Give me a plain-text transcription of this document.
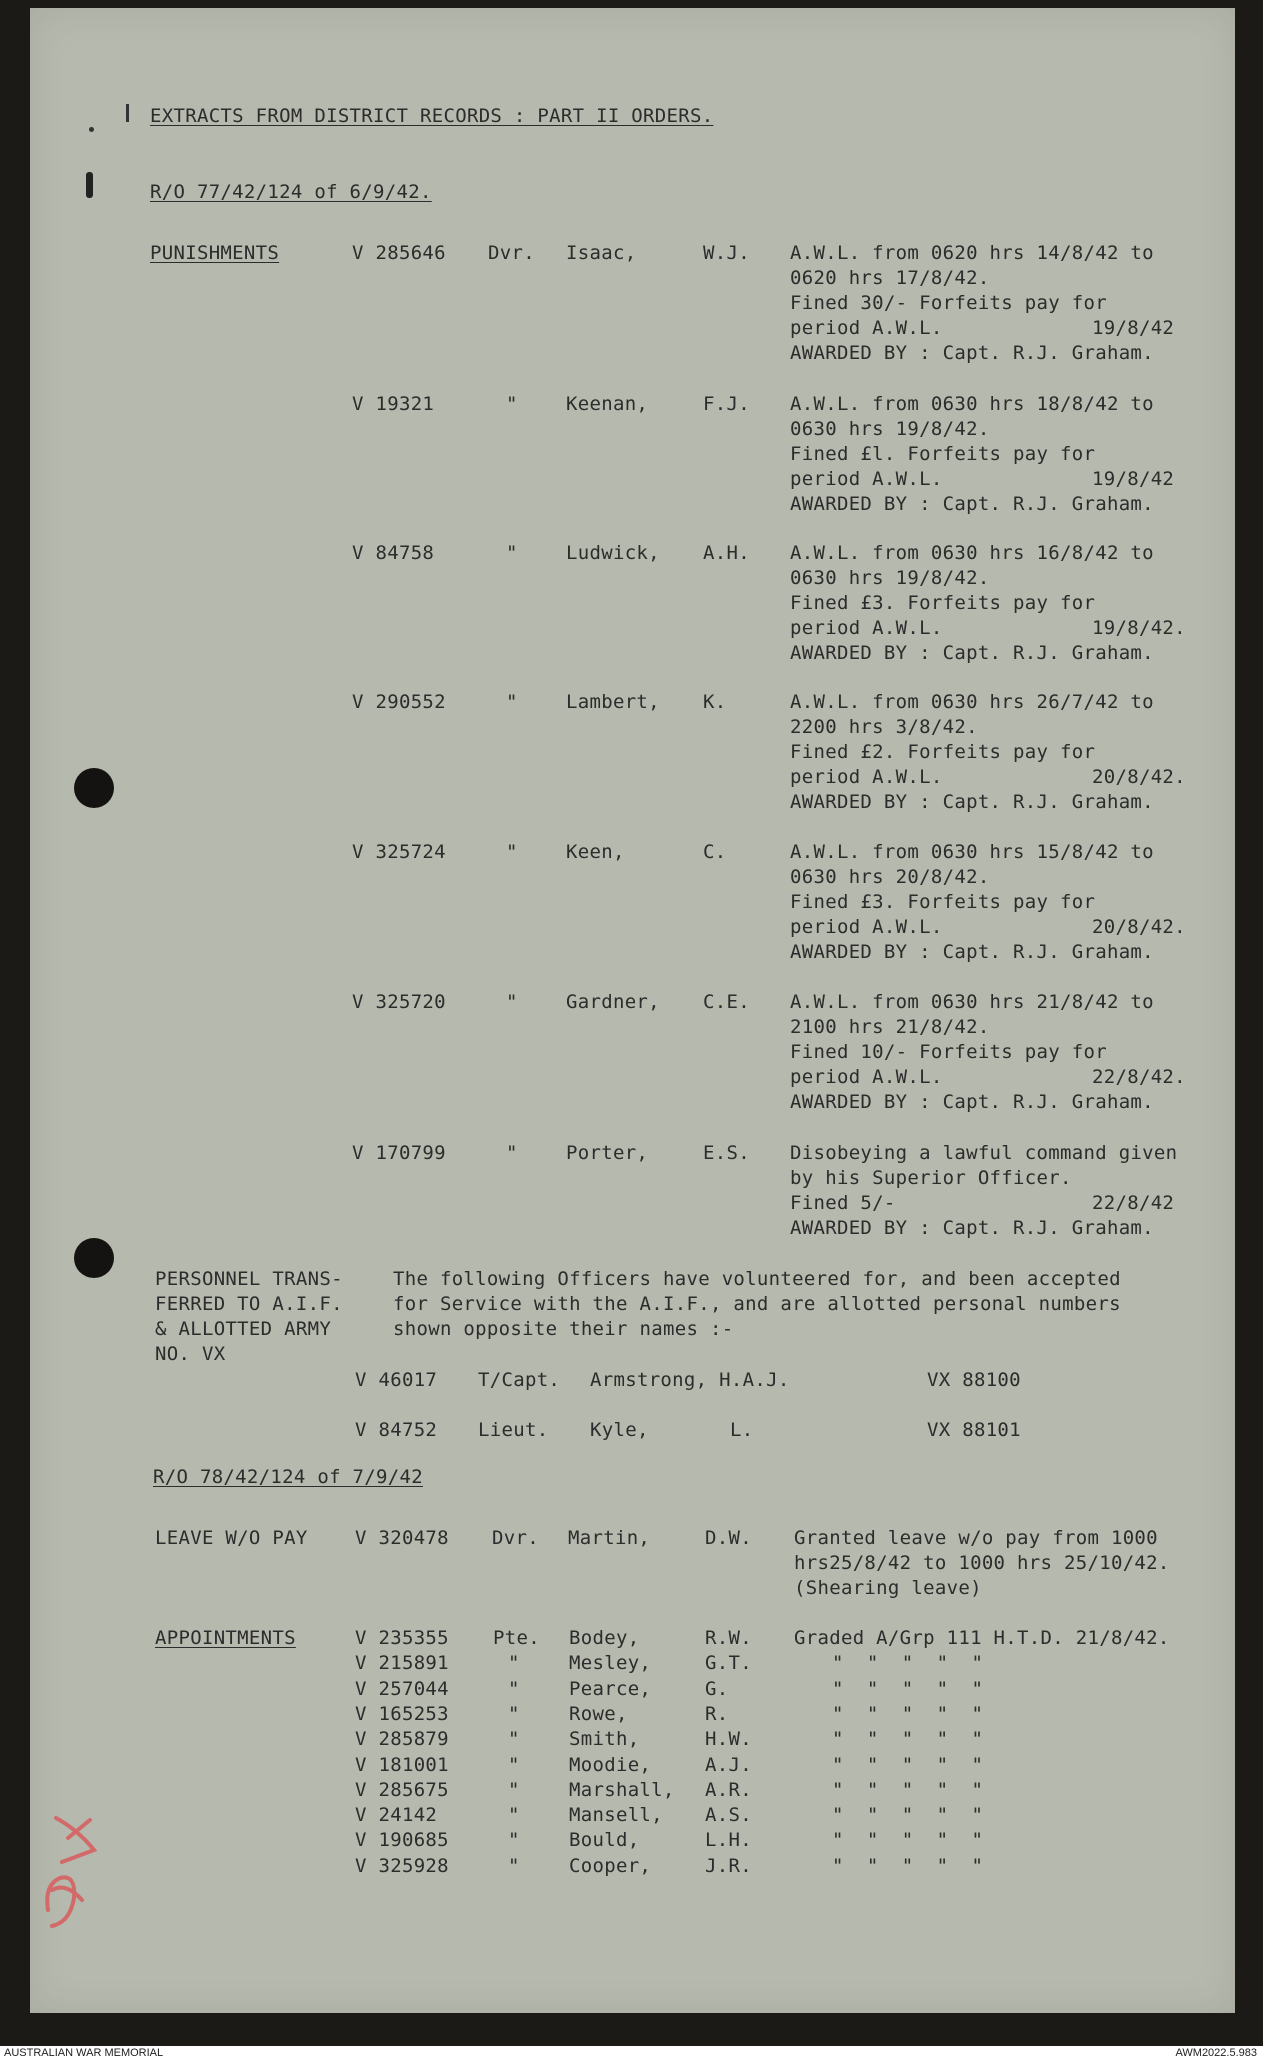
EXTRACTS FROM DISTRICT RECORDS : PART II ORDERS.
R/O 77/42/124 of 6/9/42.
PUNISHMENTS	V 285646 Dvr. Isaac,	W.J. A.W.L. from 0620 hrs 14/8/42 to
0620 hrs 17/8/42.
Fined 30/- Forfeits pay for
period A.W.L.	19/8/42
AWARDED BY : Capt. R.J. Graham.
V 19321	"	Keenan,	F.J. A.W.L. from 0630 hrs 18/8/42 to
0630 hrs 19/8/42.
Fined £l. Forfeits pay for
period A.W.L.	19/8/42
AWARDED BY : Capt. R.J. Graham.
V 84758	"	Ludwick, A.H. A.W.L. from 0630 hrs 16/8/42 to
0630 hrs 19/8/42.
Fined £3. Forfeits pay for
period A.W.L.	19/8/42.
AWARDED BY : Capt. R.J. Graham.
V 290552	"	Lambert, K.	A.W.L. from 0630 hrs 26/7/42 to
2200 hrs 3/8/42.
Fined £2. Forfeits pay for
period A.W.L.	20/8/42.
AWARDED BY : Capt. R.J. Graham.
V 325724	"	Keen,	C.	A.W.L. from 0630 hrs 15/8/42 to
0630 hrs 20/8/42.
Fined £3. Forfeits pay for
period A.W.L.	20/8/42.
AWARDED BY : Capt. R.J. Graham.
V 325720	"	Gardner, C.E. A.W.L. from 0630 hrs 21/8/42 to
2100 hrs 21/8/42.
Fined 10/- Forfeits pay for
period A.W.L.	22/8/42.
AWARDED BY : Capt. R.J. Graham.
V 170799	"	Porter,	E.S. Disobeying a lawful command given
by his Superior Officer.
Fined 5/-	22/8/42
AWARDED BY : Capt. R.J. Graham.
PERSONNEL TRANS-
FERRED TO A.I.F.
& ALLOTTED ARMY
NO. VX
The following Officers have volunteered for, and been accepted
for Service with the A.I.F., and are allotted personal numbers
shown opposite their names :-
V 46017 T/Capt. Armstrong, H.A.J.	VX 88100
V 84752 Lieut. Kyle,	L.	VX 88101
R/O 78/42/124 of 7/9/42
LEAVE W/O PAY V 320478 Dvr. Martin,	D.W. Granted leave w/o pay from 1000
hrs25/8/42 to 1000 hrs 25/10/42.
(Shearing leave)
APPOINTMENTS	V 235355 Pte. Bodey,	R.W. Graded A/Grp 111 H.T.D. 21/8/42.
V 215891	"	Mesley,	G.T.	" " " " "
V 257044	"	Pearce,	G.	" " " " "
V 165253	"	Rowe,	R.	" " " " "
V 285879	"	Smith,	H.W.	" " " " "
V 181001	"	Moodie,	A.J.	" " " " "
V 285675	"	Marshall, A.R.	" " " " "
V 24142	"	Mansell, A.S.	" " " " "
V 190685	"	Bould,	L.H.	" " " " "
V 325928	"	Cooper,	J.R.	" " " " "
AUSTRALIAN WAR MEMORIAL	AWM2022.5.983
